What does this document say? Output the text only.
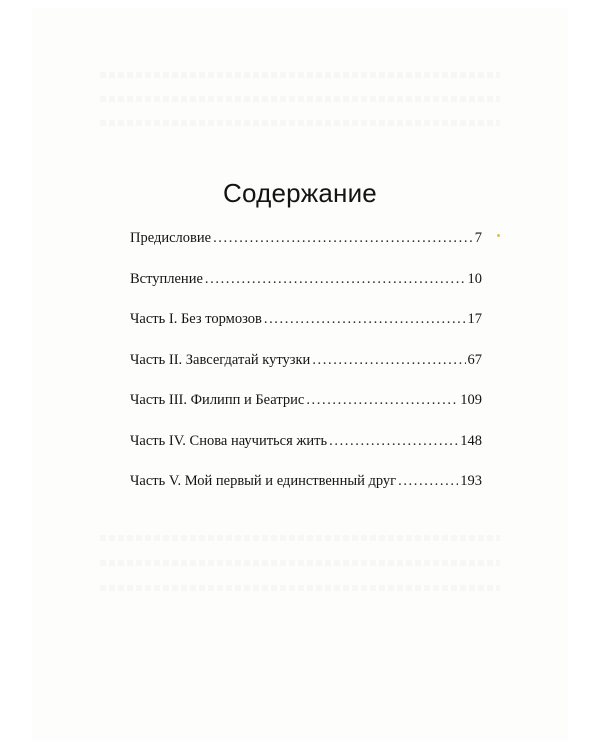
Содержание
Предисловие .....	7
Вступление .....	10
Часть I. Без тормозов .....	17
Часть II. Завсегдатай кутузки .....	67
Часть III. Филипп и Беатрис .....	109
Часть IV. Снова научиться жить .....	148
Часть V. Мой первый и единственный друг .....	193
